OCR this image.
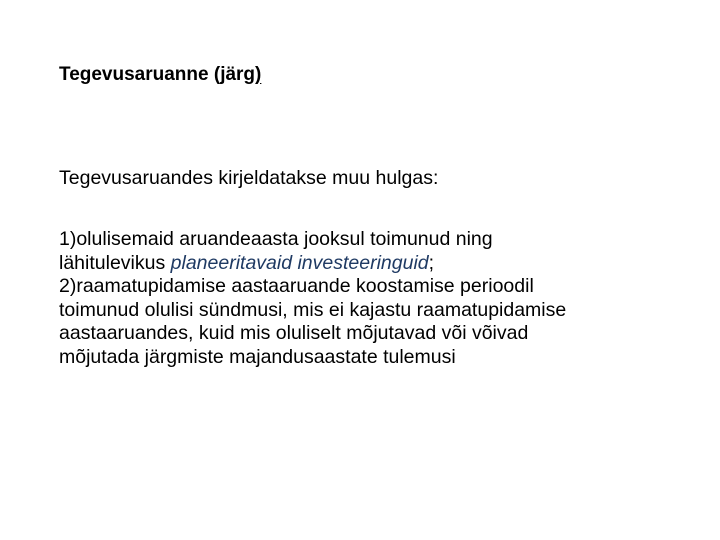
Tegevusaruanne (järg)
Tegevusaruandes kirjeldatakse muu hulgas:
1)olulisemaid aruandeaasta jooksul toimunud ning
lähitulevikus planeeritavaid investeeringuid;
2)raamatupidamise aastaaruande koostamise perioodil
toimunud olulisi sündmusi, mis ei kajastu raamatupidamise
aastaaruandes, kuid mis oluliselt mõjutavad või võivad
mõjutada järgmiste majandusaastate tulemusi
